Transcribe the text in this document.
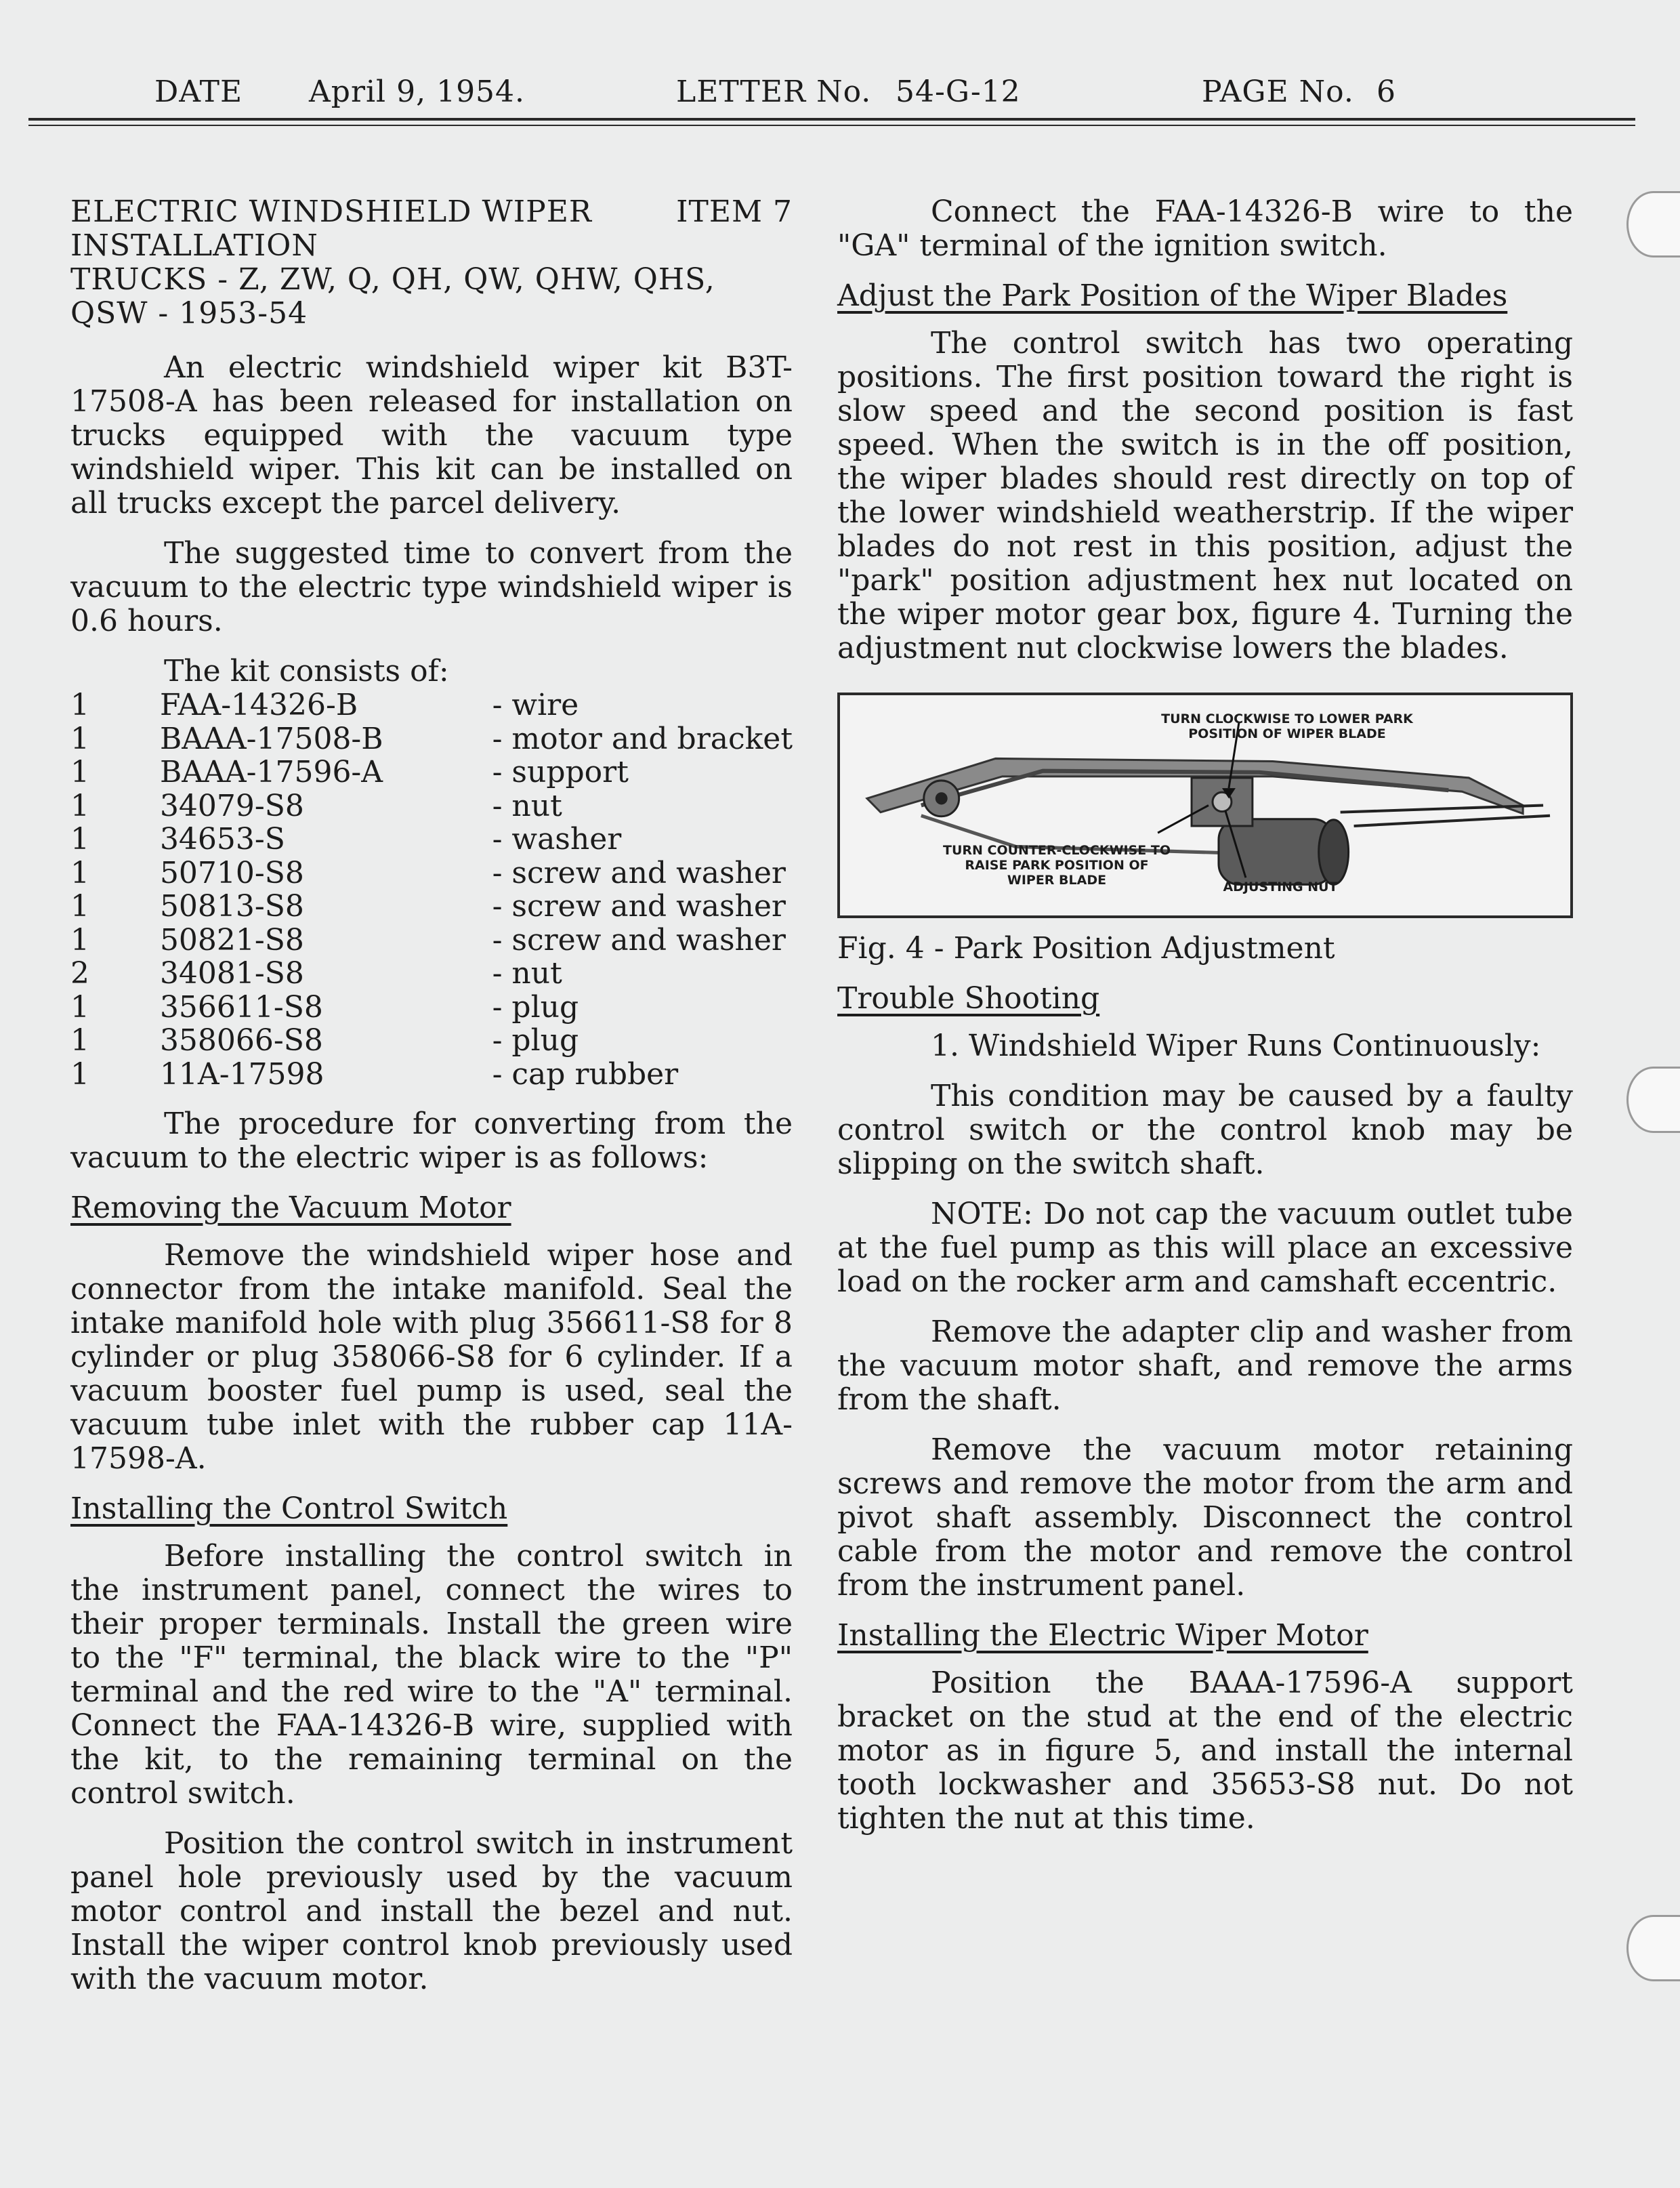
DATE April 9, 1954.	LETTER No. 54-G-12	PAGE No. 6
ELECTRIC WINDSHIELD WIPER	ITEM 7
INSTALLATION
TRUCKS - Z, ZW, Q, QH, QW, QHW, QHS,
QSW - 1953-54

An electric windshield wiper kit B3T-17508-A has been released for installation on trucks equipped with the vacuum type windshield wiper. This kit can be installed on all trucks except the parcel delivery.

The suggested time to convert from the vacuum to the electric type windshield wiper is 0.6 hours.

The kit consists of:

1	FAA-14326-B	- wire
1	BAAA-17508-B	- motor and bracket
1	BAAA-17596-A	- support
1	34079-S8	- nut
1	34653-S	- washer
1	50710-S8	- screw and washer
1	50813-S8	- screw and washer
1	50821-S8	- screw and washer
2	34081-S8	- nut
1	356611-S8	- plug
1	358066-S8	- plug
1	11A-17598	- cap rubber

The procedure for converting from the vacuum to the electric wiper is as follows:

Removing the Vacuum Motor

Remove the windshield wiper hose and connector from the intake manifold. Seal the intake manifold hole with plug 356611-S8 for 8 cylinder or plug 358066-S8 for 6 cylinder. If a vacuum booster fuel pump is used, seal the vacuum tube inlet with the rubber cap 11A-17598-A.

Installing the Control Switch

Before installing the control switch in the instrument panel, connect the wires to their proper terminals. Install the green wire to the "F" terminal, the black wire to the "P" terminal and the red wire to the "A" terminal. Connect the FAA-14326-B wire, supplied with the kit, to the remaining terminal on the control switch.

Position the control switch in instrument panel hole previously used by the vacuum motor control and install the bezel and nut. Install the wiper control knob previously used with the vacuum motor.

Connect the FAA-14326-B wire to the "GA" terminal of the ignition switch.

Adjust the Park Position of the Wiper Blades

The control switch has two operating positions. The first position toward the right is slow speed and the second position is fast speed. When the switch is in the off position, the wiper blades should rest directly on top of the lower windshield weatherstrip. If the wiper blades do not rest in this position, adjust the "park" position adjustment hex nut located on the wiper motor gear box, figure 4. Turning the adjustment nut clockwise lowers the blades.

TURN CLOCKWISE TO LOWER PARK POSITION OF WIPER BLADE
TURN COUNTER-CLOCKWISE TO RAISE PARK POSITION OF WIPER BLADE	ADJUSTING NUT

Fig. 4 - Park Position Adjustment

Trouble Shooting

1. Windshield Wiper Runs Continuously:

This condition may be caused by a faulty control switch or the control knob may be slipping on the switch shaft.

NOTE: Do not cap the vacuum outlet tube at the fuel pump as this will place an excessive load on the rocker arm and camshaft eccentric.

Remove the adapter clip and washer from the vacuum motor shaft, and remove the arms from the shaft.

Remove the vacuum motor retaining screws and remove the motor from the arm and pivot shaft assembly. Disconnect the control cable from the motor and remove the control from the instrument panel.

Installing the Electric Wiper Motor

Position the BAAA-17596-A support bracket on the stud at the end of the electric motor as in figure 5, and install the internal tooth lockwasher and 35653-S8 nut. Do not tighten the nut at this time.
